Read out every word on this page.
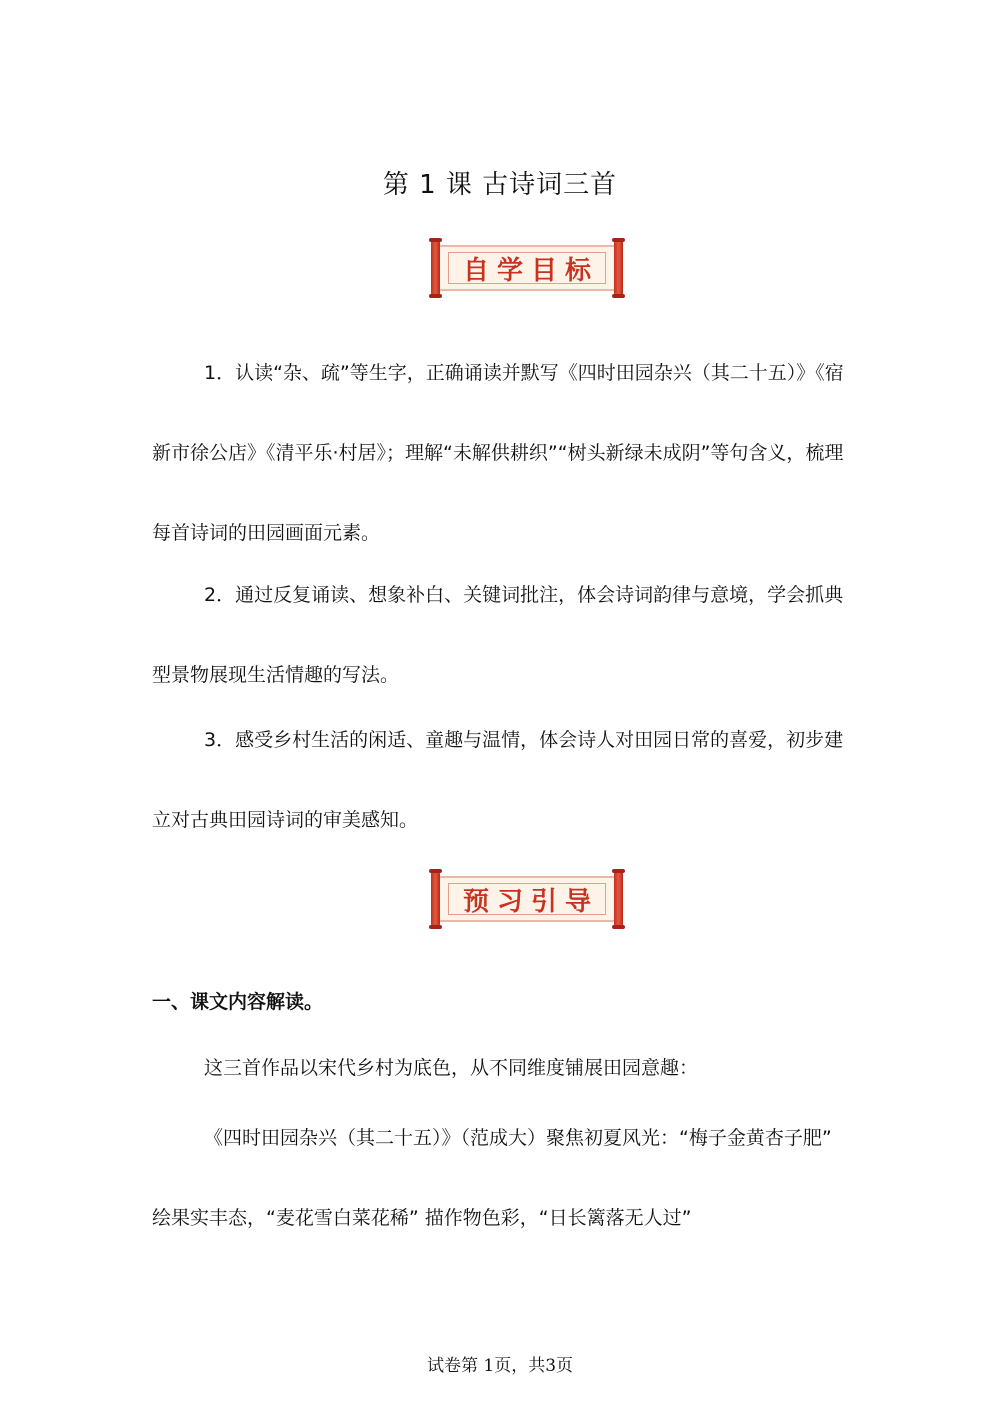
第 1 课 古诗词三首
自学目标

1．认读“杂、疏”等生字，正确诵读并默写《四时田园杂兴（其二十五）》《宿新市徐公店》《清平乐·村居》；理解“未解供耕织”“树头新绿未成阴”等句含义，梳理每首诗词的田园画面元素。

2．通过反复诵读、想象补白、关键词批注，体会诗词韵律与意境，学会抓典型景物展现生活情趣的写法。

3．感受乡村生活的闲适、童趣与温情，体会诗人对田园日常的喜爱，初步建立对古典田园诗词的审美感知。

预习引导
一、课文内容解读。

这三首作品以宋代乡村为底色，从不同维度铺展田园意趣：

《四时田园杂兴（其二十五）》（范成大）聚焦初夏风光：“梅子金黄杏子肥” 绘果实丰态，“麦花雪白菜花稀” 描作物色彩，“日长篱落无人过”

试卷第 1页，共3页
